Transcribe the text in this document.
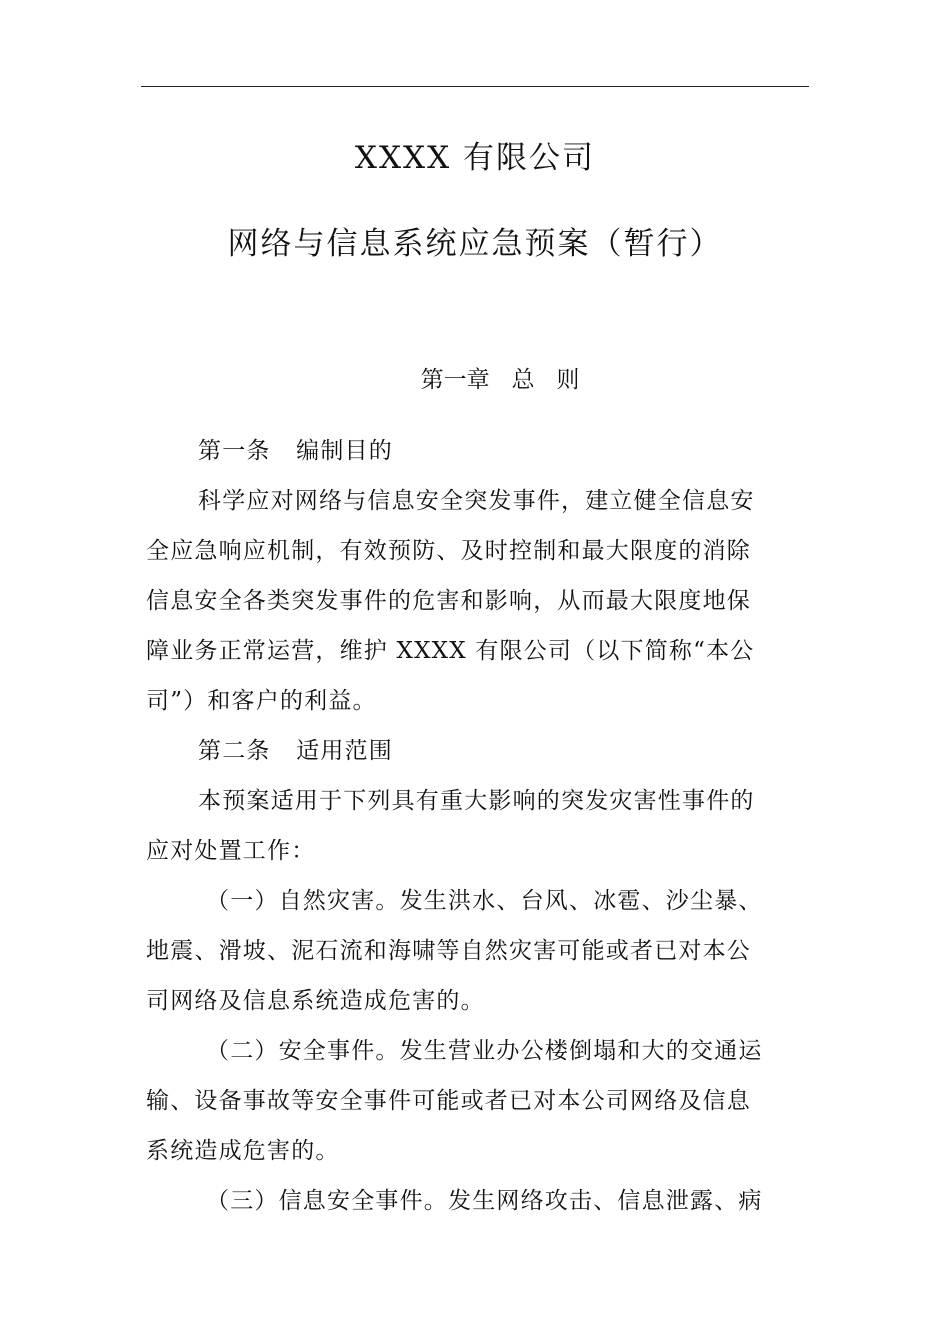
XXXX 有限公司
网络与信息系统应急预案（暂行）
第一章   总   则
第一条   编制目的
科学应对网络与信息安全突发事件，建立健全信息安
全应急响应机制，有效预防、及时控制和最大限度的消除
信息安全各类突发事件的危害和影响，从而最大限度地保
障业务正常运营，维护 XXXX 有限公司（以下简称“本公
司”）和客户的利益。
第二条   适用范围
本预案适用于下列具有重大影响的突发灾害性事件的
应对处置工作：
（一）自然灾害。发生洪水、台风、冰雹、沙尘暴、
地震、滑坡、泥石流和海啸等自然灾害可能或者已对本公
司网络及信息系统造成危害的。
（二）安全事件。发生营业办公楼倒塌和大的交通运
输、设备事故等安全事件可能或者已对本公司网络及信息
系统造成危害的。
（三）信息安全事件。发生网络攻击、信息泄露、病
